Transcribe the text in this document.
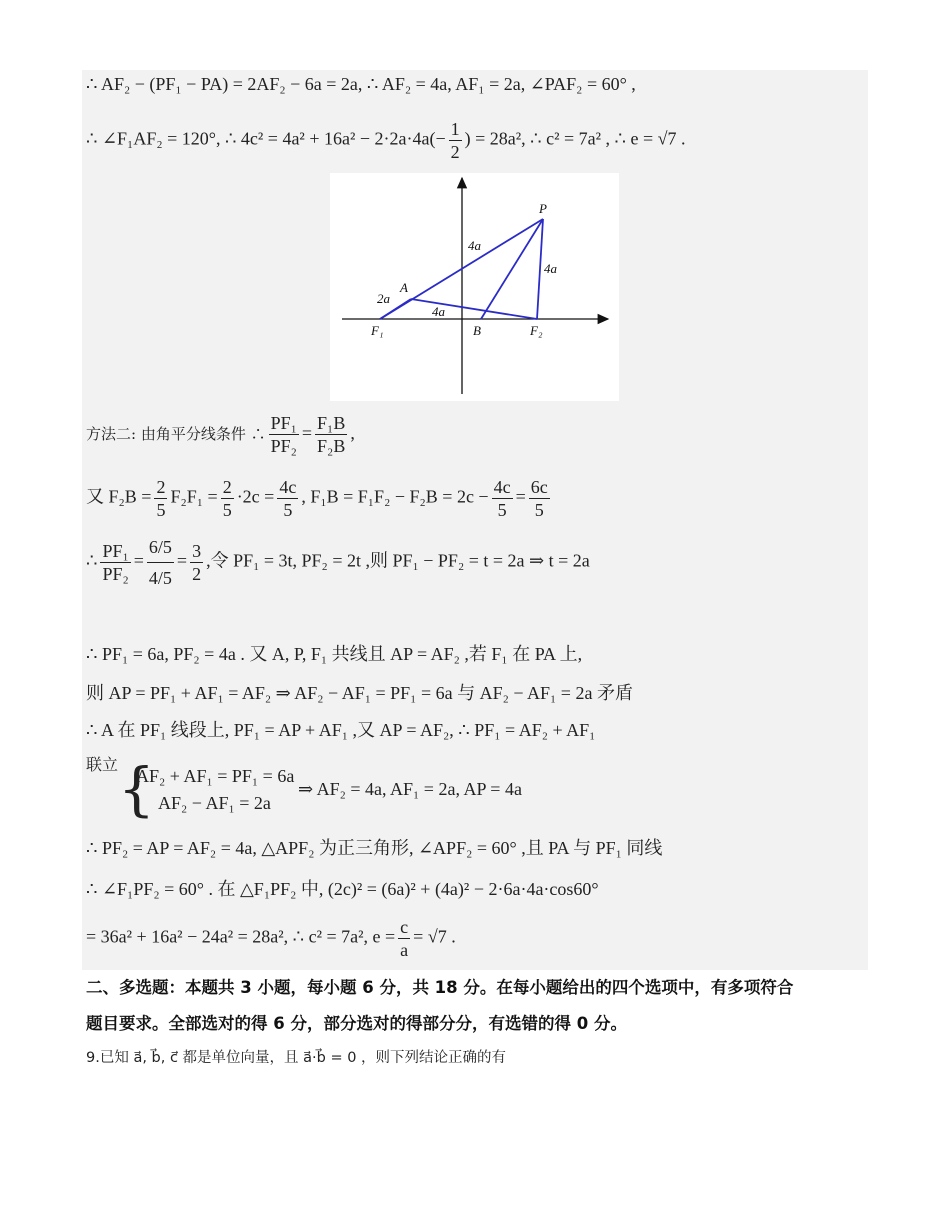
∴ AF₂ − (PF₁ − PA) = 2AF₂ − 6a = 2a, ∴ AF₂ = 4a, AF₁ = 2a, ∠PAF₂ = 60° ,
∴ ∠F₁AF₂ = 120°, ∴ $4c^2 = 4a^2 + 16a^2 - 2\cdot 2a\cdot 4a(- \frac{1}{2}$ ) = 28a², ∴ c² = 7a² , ∴ e = √7 .
P
A
B
F₁	F₂
4a
4a
2a
4a
方法二: 由角平分线条件 ∴ $\frac{\text{PF₁}}{\text{PF₂}} = \frac{\text{F₁B}}{\text{F₂B}}$ ,
又 $F_2B = \frac{2}{5} F_2F_1 = \frac{2}{5} \cdot 2c = \frac{4c}{5}$ , $F_1B = F_1F_2 - F_2B = 2c - \frac{4c}{5} = \frac{6c}{5}$
∴ $\frac{\text{PF₁}}{\text{PF₂}} = \frac{6/5}{4/5} = \frac{3}{2}$ ,令 PF₁ = 3t, PF₂ = 2t ,则 PF₁ − PF₂ = t = 2a ⇒ t = 2a
∴ PF₁ = 6a, PF₂ = 4a . 又 A, P, F₁ 共线且 AP = AF₂ ,若 F₁ 在 PA 上,
则 AP = PF₁ + AF₁ = AF₂ ⇒ AF₂ − AF₁ = PF₁ = 6a 与 AF₂ − AF₁ = 2a 矛盾
∴ A 在 PF₁ 线段上, PF₁ = AP + AF₁ ,又 AP = AF₂, ∴ PF₁ = AF₂ + AF₁
联立 {
AF₂ + AF₁ = PF₁ = 6a
AF₂ − AF₁ = 2a
⇒ AF₂ = 4a, AF₁ = 2a, AP = 4a
∴ PF₂ = AP = AF₂ = 4a, △APF₂ 为正三角形, ∠APF₂ = 60° ,且 PA 与 PF₁ 同线
∴ ∠F₁PF₂ = 60° . 在 △F₁PF₂ 中, (2c)² = (6a)² + (4a)² − 2·6a·4a·cos60°
= 36a² + 16a² − 24a² = 28a², ∴ c² = 7a², $e = \frac{c}{a} = √7$ .
二、多选题：本题共 3 小题，每小题 6 分，共 18 分。在每小题给出的四个选项中，有多项符合
题目要求。全部选对的得 6 分，部分选对的得部分分，有选错的得 0 分。
9.已知 a⃗, b⃗, c⃗ 都是单位向量，且 a⃗·b⃗ = 0 ，则下列结论正确的有
